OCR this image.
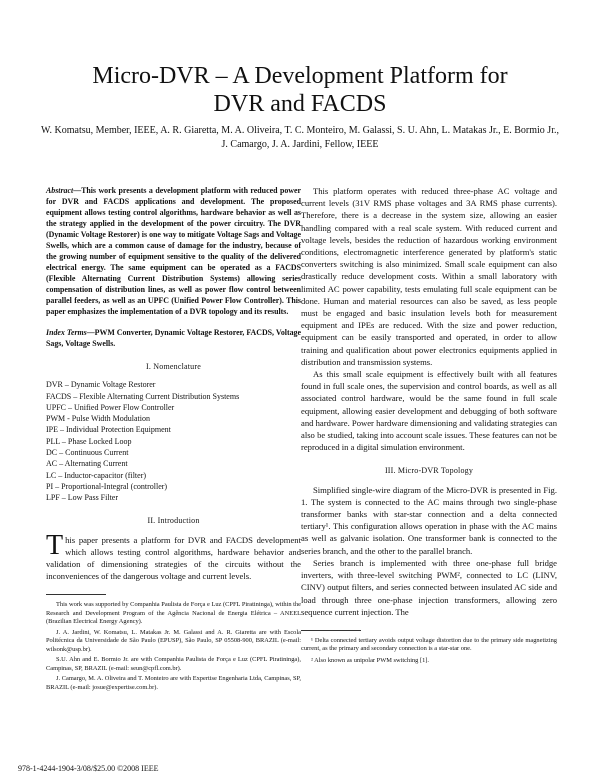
Micro-DVR – A Development Platform for
DVR and FACDS
W. Komatsu, Member, IEEE, A. R. Giaretta, M. A. Oliveira, T. C. Monteiro, M. Galassi, S. U. Ahn, L. Matakas Jr., E. Bormio Jr., J. Camargo, J. A. Jardini, Fellow, IEEE
Abstract—This work presents a development platform with reduced power for DVR and FACDS applications and development. The proposed equipment allows testing control algorithms, hardware behavior as well as the strategy applied in the development of the power circuitry. The DVR (Dynamic Voltage Restorer) is one way to mitigate Voltage Sags and Voltage Swells, which are a common cause of damage for the industry, because of the growing number of equipment sensitive to the quality of the delivered electrical energy. The same equipment can be operated as a FACDS (Flexible Alternating Current Distribution Systems) allowing series compensation of distribution lines, as well as power flow control between parallel feeders, as well as an UPFC (Unified Power Flow Controller). This paper emphasizes the implementation of a DVR topology and its results.
Index Terms—PWM Converter, Dynamic Voltage Restorer, FACDS, Voltage Sags, Voltage Swells.
I. Nomenclature
DVR – Dynamic Voltage Restorer
FACDS – Flexible Alternating Current Distribution Systems
UPFC – Unified Power Flow Controller
PWM - Pulse Width Modulation
IPE – Individual Protection Equipment
PLL – Phase Locked Loop
DC – Continuous Current
AC – Alternating Current
LC – Inductor-capacitor (filter)
PI – Proportional-Integral (controller)
LPF – Low Pass Filter
II. Introduction

This paper presents a platform for DVR and FACDS development which allows testing control algorithms, hardware behavior and validation of dimensioning strategies of the circuits without the inconveniences of the dangerous voltage and current levels.

This work was supported by Companhia Paulista de Força e Luz (CPFL Piratininga), within the Research and Development Program of the Agência Nacional de Energia Elétrica – ANEEL (Brazilian Electrical Energy Agency).
J. A. Jardini, W. Komatsu, L. Matakas Jr. M. Galassi and A. R. Giaretta are with Escola Politécnica da Universidade de São Paulo (EPUSP), São Paulo, SP 05508-900, BRAZIL (e-mail: wilsonk@usp.br).
S.U. Ahn and E. Bormio Jr. are with Companhia Paulista de Força e Luz (CPFL Piratininga), Campinas, SP, BRAZIL (e-mail: seun@cpfl.com.br).
J. Camargo, M. A. Oliveira and T. Monteiro are with Expertise Engenharia Ltda, Campinas, SP, BRAZIL (e-mail: josue@expertise.com.br).

This platform operates with reduced three-phase AC voltage and current levels (31V RMS phase voltages and 3A RMS phase currents). Therefore, there is a decrease in the system size, allowing an easier handling compared with a real scale system. With reduced current and voltage levels, besides the reduction of hazardous working environment conditions, electromagnetic interference generated by platform's static converters switching is also minimized. Small scale equipment can also drastically reduce development costs. Within a small laboratory with limited AC power capability, tests emulating full scale equipment can be done. Human and material resources can also be saved, as less people must be engaged and basic insulation levels both for measurement equipment and IPEs are reduced. With the size and power reduction, equipment can be easily transported and operated, in order to allow training and qualification about power electronics equipments applied in distribution and transmission systems.

As this small scale equipment is effectively built with all features found in full scale ones, the supervision and control boards, as well as all associated control hardware, would be the same found in full scale equipment, allowing easier development and debugging of both software and hardware. Power hardware dimensioning and validating strategies can also be studied, taking into account scale issues. These features can not be reproduced in a digital simulation environment.

III. Micro-DVR Topology

Simplified single-wire diagram of the Micro-DVR is presented in Fig. 1. The system is connected to the AC mains through two single-phase transformer banks with star-star connection and a delta connected tertiary¹. This configuration allows operation in phase with the AC mains as well as galvanic isolation. One transformer bank is connected to the series branch, and the other to the parallel branch.

Series branch is implemented with three one-phase full bridge inverters, with three-level switching PWM², connected to LC (LINV, CINV) output filters, and series connected between insulated AC side and load through three one-phase injection transformers, allowing zero sequence current injection. The

¹ Delta connected tertiary avoids output voltage distortion due to the primary side magnetizing current, as the primary and secondary connection is a star-star one.
² Also known as unipolar PWM switching [1].
978-1-4244-1904-3/08/$25.00 ©2008 IEEE
